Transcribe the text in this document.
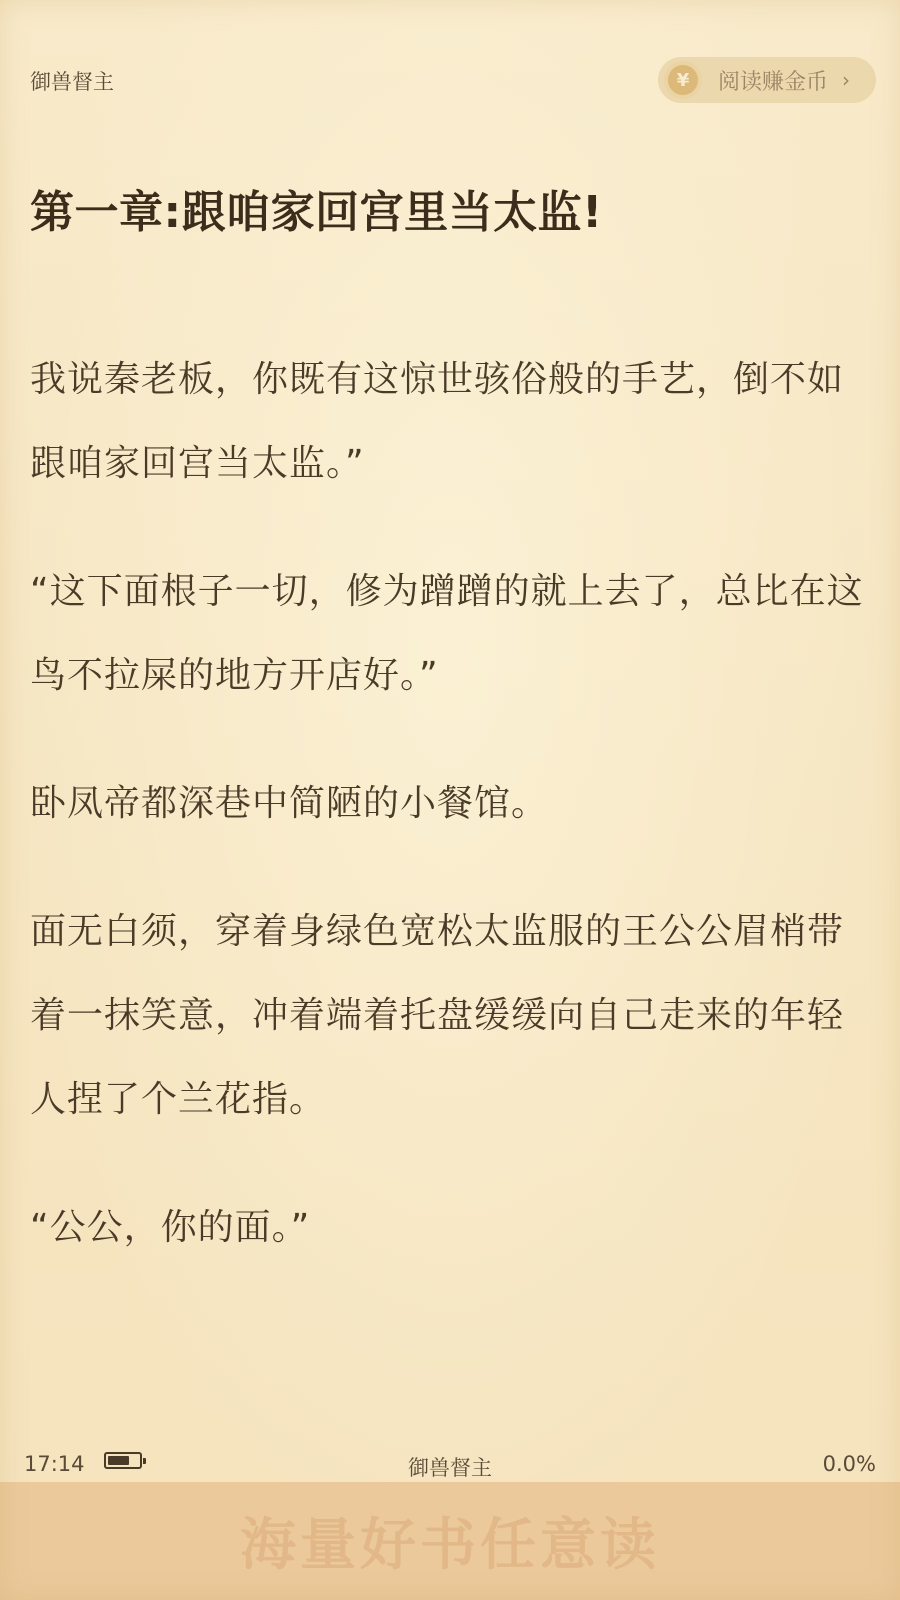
御兽督主	¥	阅读赚金币 ›
第一章:跟咱家回宫里当太监!

我说秦老板，你既有这惊世骇俗般的手艺，倒不如跟咱家回宫当太监。”

“这下面根子一切，修为蹭蹭的就上去了，总比在这鸟不拉屎的地方开店好。”

卧凤帝都深巷中简陋的小餐馆。

面无白须，穿着身绿色宽松太监服的王公公眉梢带着一抹笑意，冲着端着托盘缓缓向自己走来的年轻人捏了个兰花指。

“公公，你的面。”

17:14	御兽督主	0.0%
海量好书任意读
